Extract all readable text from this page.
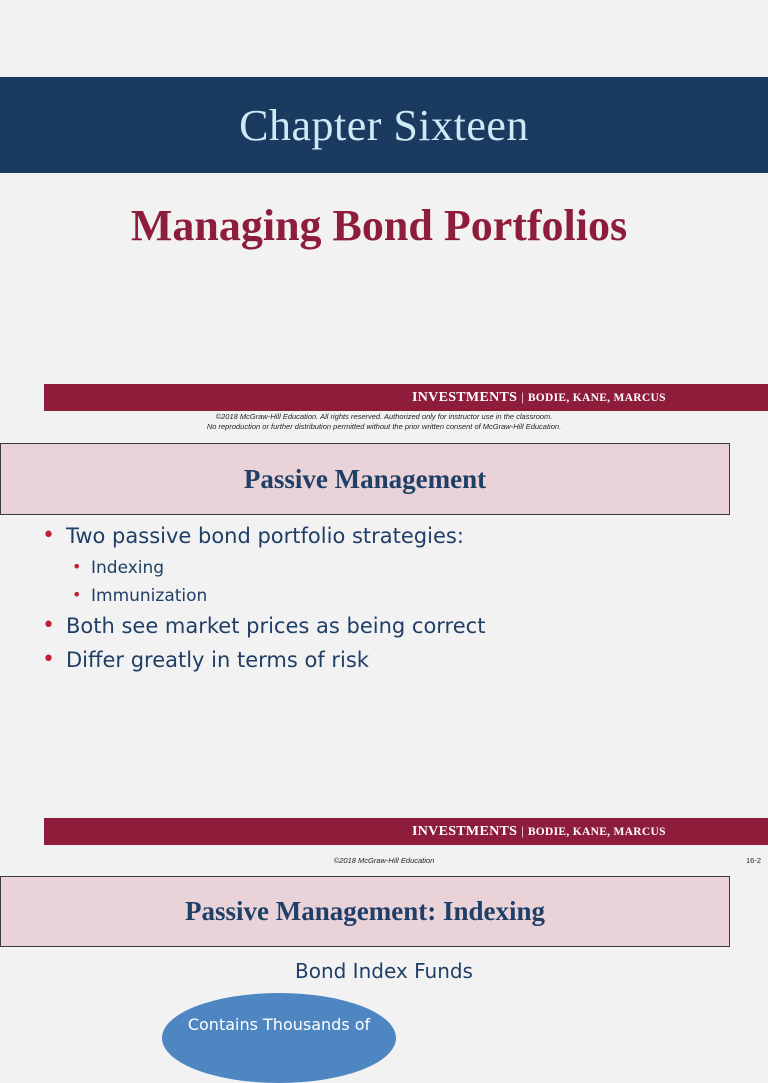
Chapter Sixteen
Managing Bond Portfolios
INVESTMENTS | BODIE, KANE, MARCUS
©2018 McGraw-Hill Education. All rights reserved. Authorized only for instructor use in the classroom.
No reproduction or further distribution permitted without the prior written consent of McGraw-Hill Education.
Passive Management
• Two passive bond portfolio strategies:
• Indexing
• Immunization
• Both see market prices as being correct
• Differ greatly in terms of risk
INVESTMENTS | BODIE, KANE, MARCUS
©2018 McGraw-Hill Education	16-2
Passive Management: Indexing
Bond Index Funds
Contains Thousands of
